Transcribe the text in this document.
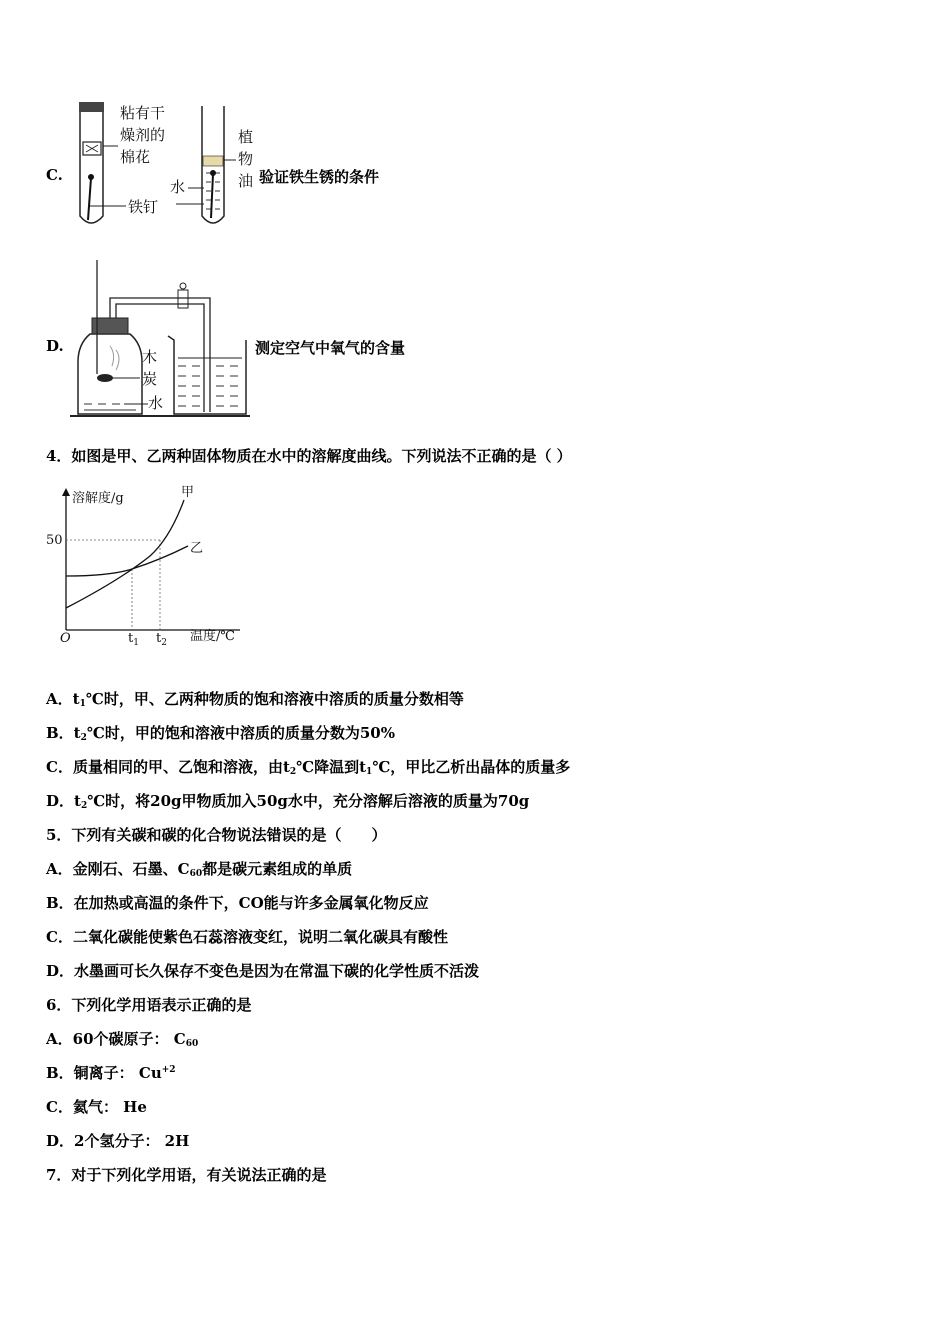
C.
粘有干
燥剂的
棉花
铁钉
植
物
油
水
验证铁生锈的条件
D.
木
炭
水
测定空气中氧气的含量
4．如图是甲、乙两种固体物质在水中的溶解度曲线。下列说法不正确的是（ ）
溶解度/g
温度/℃
O
50
甲
乙
$t_1$ $t_2$
A．$t_1℃$时，甲、乙两种物质的饱和溶液中溶质的质量分数相等
B．$t_2℃$时，甲的饱和溶液中溶质的质量分数为50%
C．质量相同的甲、乙饱和溶液，由$t_2℃$降温到$t_1℃$，甲比乙析出晶体的质量多
D．$t_2℃$时，将20g甲物质加入50g水中，充分溶解后溶液的质量为70g
5．下列有关碳和碳的化合物说法错误的是（　　）
A．金刚石、石墨、$C_{60}$都是碳元素组成的单质
B．在加热或高温的条件下，CO能与许多金属氧化物反应
C．二氧化碳能使紫色石蕊溶液变红，说明二氧化碳具有酸性
D．水墨画可长久保存不变色是因为在常温下碳的化学性质不活泼
6．下列化学用语表示正确的是
A．60个碳原子： $C_{60}$
B．铜离子： $Cu^{+2}$
C．氦气： He
D．2个氢分子： 2H
7．对于下列化学用语，有关说法正确的是
